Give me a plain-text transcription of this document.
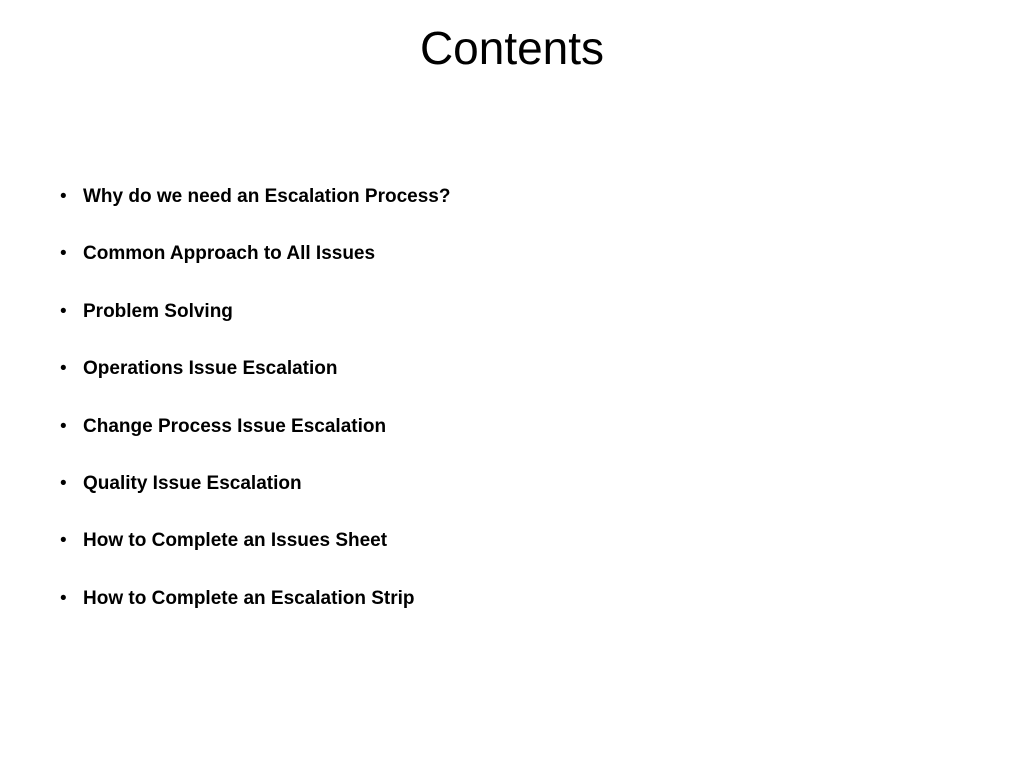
Contents
• Why do we need an Escalation Process?
• Common Approach to All Issues
• Problem Solving
• Operations Issue Escalation
• Change Process Issue Escalation
• Quality Issue Escalation
• How to Complete an Issues Sheet
• How to Complete an Escalation Strip
